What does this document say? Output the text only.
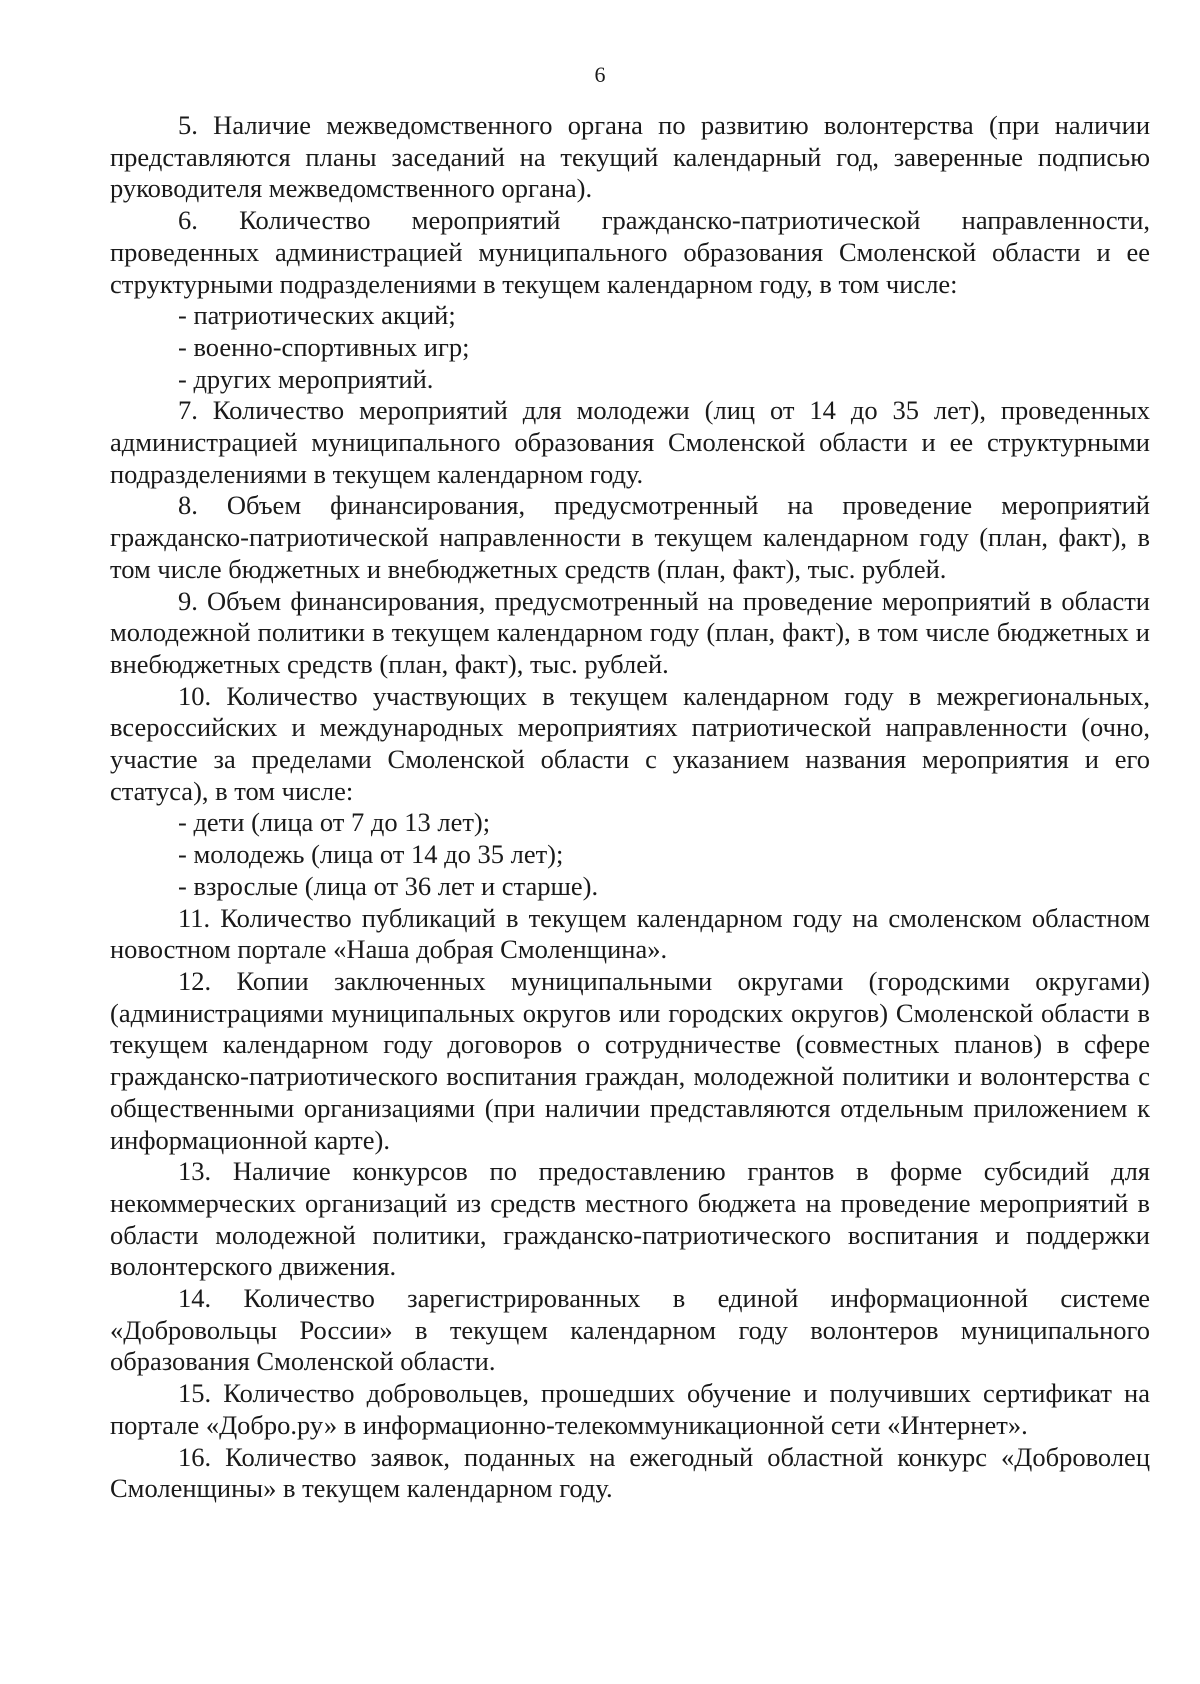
6

5. Наличие межведомственного органа по развитию волонтерства (при наличии представляются планы заседаний на текущий календарный год, заверенные подписью руководителя межведомственного органа).

6. Количество мероприятий гражданско-патриотической направленности, проведенных администрацией муниципального образования Смоленской области и ее структурными подразделениями в текущем календарном году, в том числе:

- патриотических акций;

- военно-спортивных игр;

- других мероприятий.

7. Количество мероприятий для молодежи (лиц от 14 до 35 лет), проведенных администрацией муниципального образования Смоленской области и ее структурными подразделениями в текущем календарном году.

8. Объем финансирования, предусмотренный на проведение мероприятий гражданско-патриотической направленности в текущем календарном году (план, факт), в том числе бюджетных и внебюджетных средств (план, факт), тыс. рублей.

9. Объем финансирования, предусмотренный на проведение мероприятий в области молодежной политики в текущем календарном году (план, факт), в том числе бюджетных и внебюджетных средств (план, факт), тыс. рублей.

10. Количество участвующих в текущем календарном году в межрегиональных, всероссийских и международных мероприятиях патриотической направленности (очно, участие за пределами Смоленской области с указанием названия мероприятия и его статуса), в том числе:

- дети (лица от 7 до 13 лет);

- молодежь (лица от 14 до 35 лет);

- взрослые (лица от 36 лет и старше).

11. Количество публикаций в текущем календарном году на смоленском областном новостном портале «Наша добрая Смоленщина».

12. Копии заключенных муниципальными округами (городскими округами) (администрациями муниципальных округов или городских округов) Смоленской области в текущем календарном году договоров о сотрудничестве (совместных планов) в сфере гражданско-патриотического воспитания граждан, молодежной политики и волонтерства с общественными организациями (при наличии представляются отдельным приложением к информационной карте).

13. Наличие конкурсов по предоставлению грантов в форме субсидий для некоммерческих организаций из средств местного бюджета на проведение мероприятий в области молодежной политики, гражданско-патриотического воспитания и поддержки волонтерского движения.

14. Количество зарегистрированных в единой информационной системе «Добровольцы России» в текущем календарном году волонтеров муниципального образования Смоленской области.

15. Количество добровольцев, прошедших обучение и получивших сертификат на портале «Добро.ру» в информационно-телекоммуникационной сети «Интернет».

16. Количество заявок, поданных на ежегодный областной конкурс «Доброволец Смоленщины» в текущем календарном году.
